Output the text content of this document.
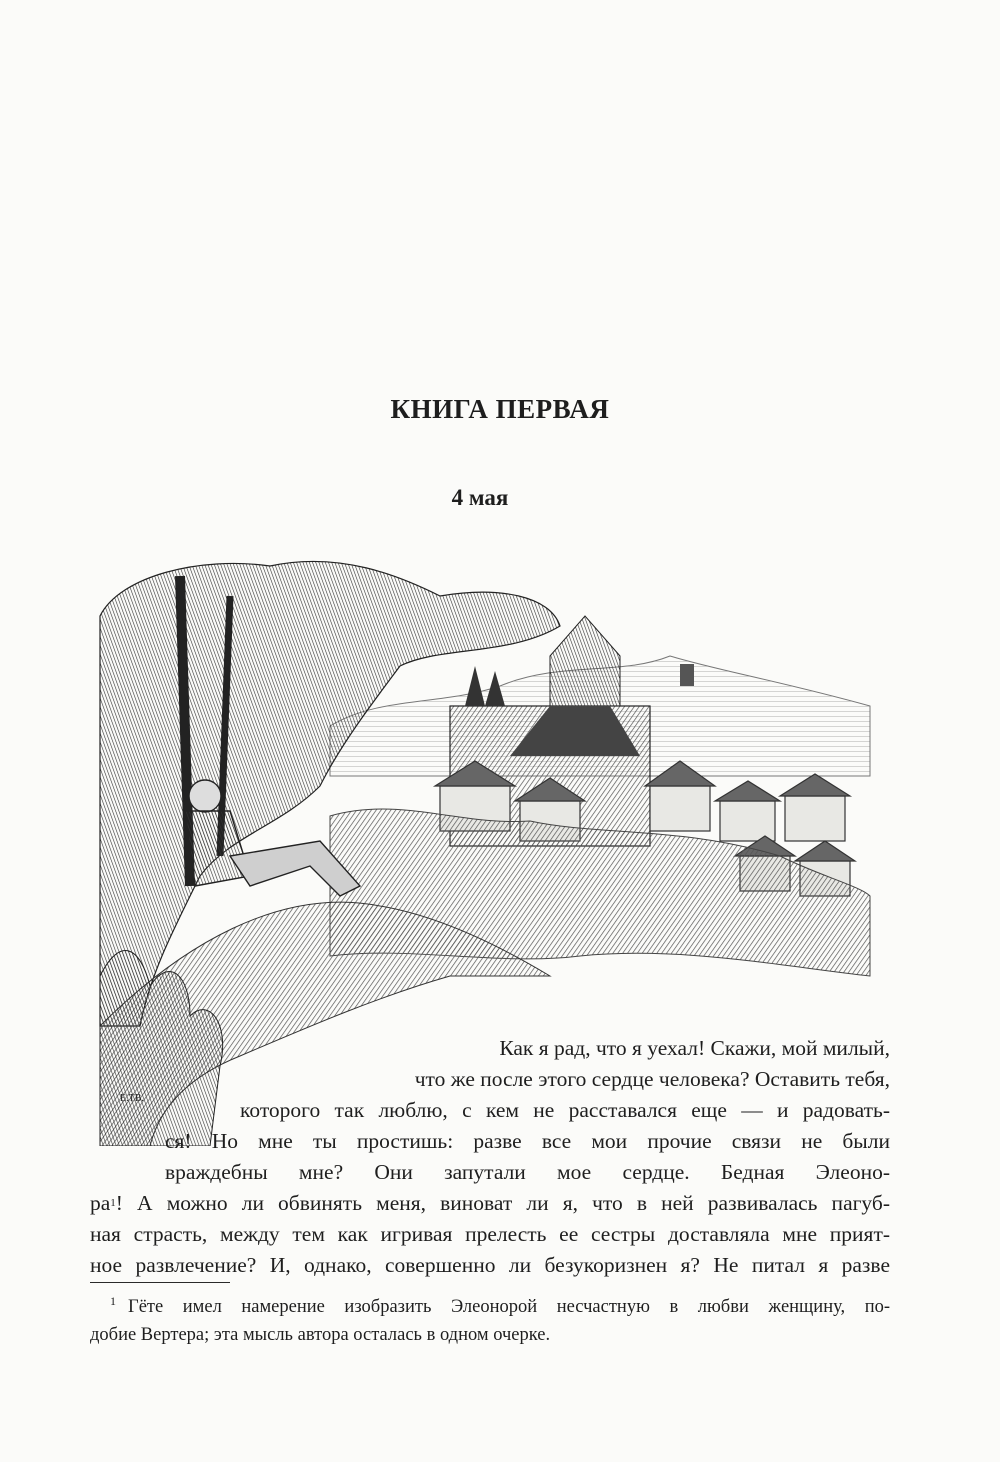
КНИГА ПЕРВАЯ
4 мая
E.TB.
Как я рад, что я уехал! Скажи, мой милый,
что же после этого сердце человека? Оставить тебя,
которого так люблю, с кем не расставался еще — и радовать-
ся! Но мне ты простишь: разве все мои прочие связи не были
враждебны мне? Они запутали мое сердце. Бедная Элеоно-
ра 1 ! А можно ли обвинять меня, виноват ли я, что в ней развивалась пагуб-
ная страсть, между тем как игривая прелесть ее сестры доставляла мне прият-
ное развлечение? И, однако, совершенно ли безукоризнен я? Не питал я разве
1 Гёте имел намерение изобразить Элеонорой несчастную в любви женщину, по-
добие Вертера; эта мысль автора осталась в одном очерке.
